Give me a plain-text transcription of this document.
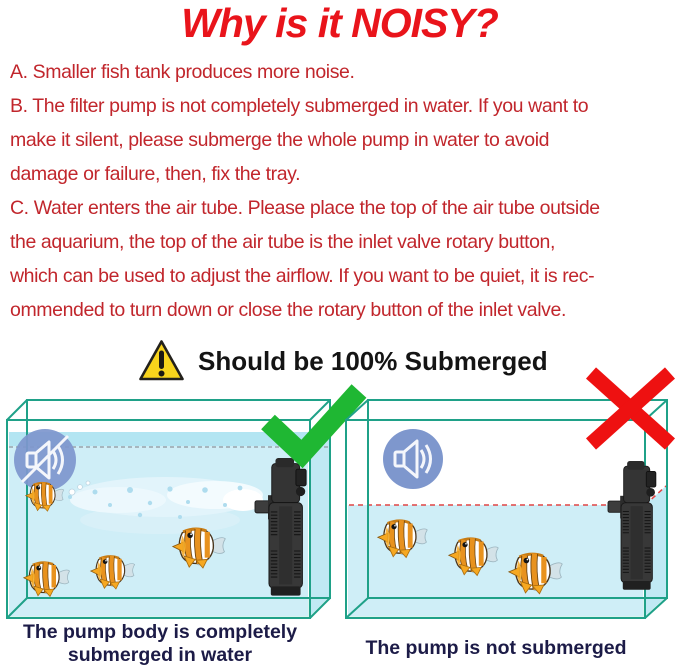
Why is it NOISY?
A. Smaller fish tank produces more noise.
B. The filter pump is not completely submerged in water. If you want to
make it silent, please submerge the whole pump in water to avoid
damage or failure, then, fix the tray.
C. Water enters the air tube. Please place the top of the air tube outside
the aquarium, the top of the air tube is the inlet valve rotary button,
which can be used to adjust the airflow. If you want to be quiet, it is rec-
ommended to turn down or close the rotary button of the inlet valve.
Should be 100% Submerged
The pump body is completely
submerged in water	The pump is not submerged
